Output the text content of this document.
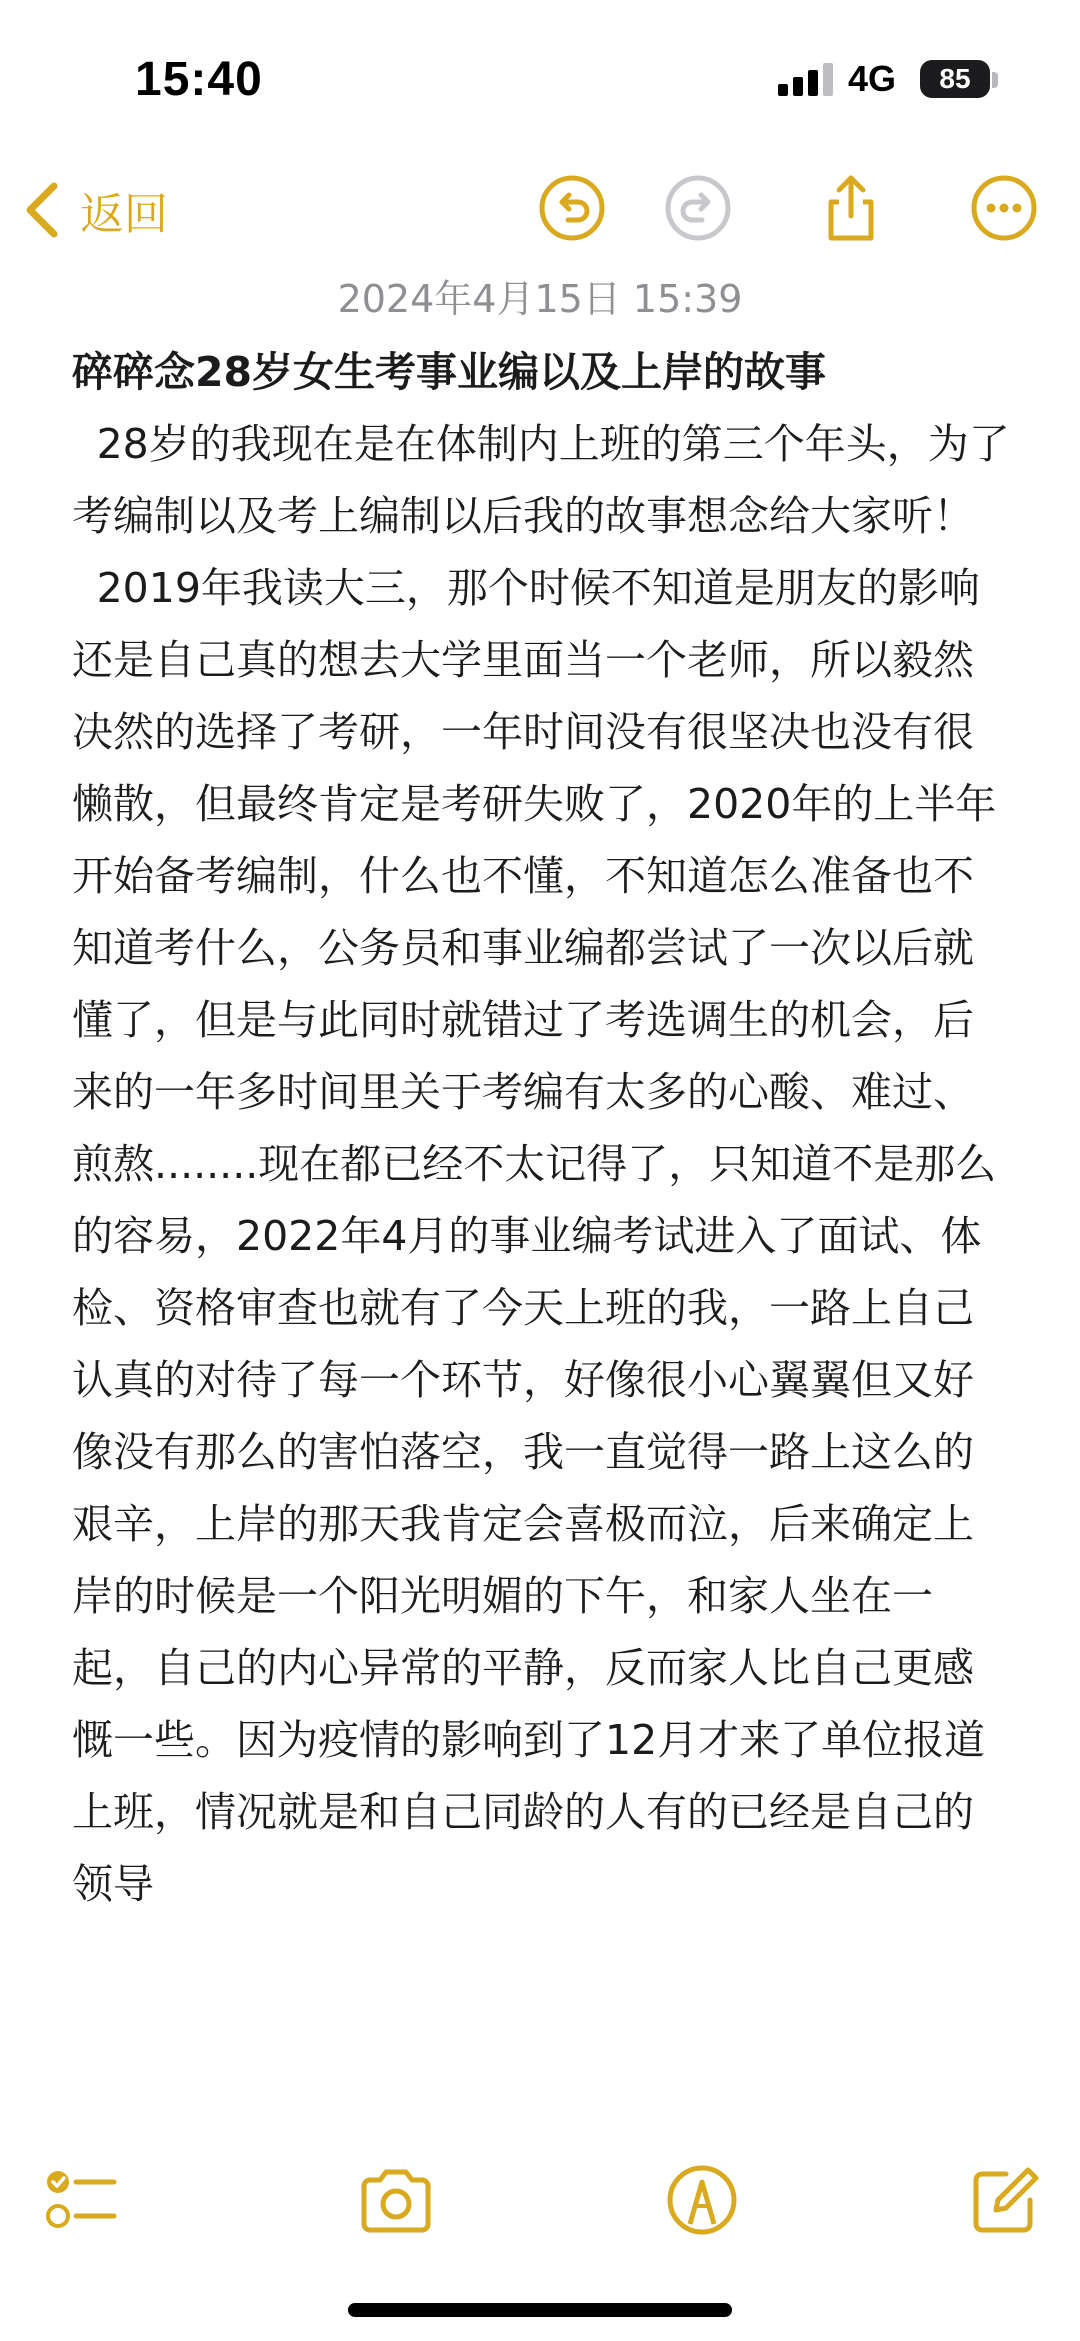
15:40	4G 85
返回
2024年4月15日 15:39

碎碎念28岁女生考事业编以及上岸的故事

28岁的我现在是在体制内上班的第三个年头，为了考编制以及考上编制以后我的故事想念给大家听！

2019年我读大三，那个时候不知道是朋友的影响还是自己真的想去大学里面当一个老师，所以毅然决然的选择了考研，一年时间没有很坚决也没有很懒散，但最终肯定是考研失败了，2020年的上半年开始备考编制，什么也不懂，不知道怎么准备也不知道考什么，公务员和事业编都尝试了一次以后就懂了，但是与此同时就错过了考选调生的机会，后来的一年多时间里关于考编有太多的心酸、难过、煎熬........现在都已经不太记得了，只知道不是那么的容易，2022年4月的事业编考试进入了面试、体检、资格审查也就有了今天上班的我，一路上自己认真的对待了每一个环节，好像很小心翼翼但又好像没有那么的害怕落空，我一直觉得一路上这么的艰辛，上岸的那天我肯定会喜极而泣，后来确定上岸的时候是一个阳光明媚的下午，和家人坐在一起，自己的内心异常的平静，反而家人比自己更感慨一些。因为疫情的影响到了12月才来了单位报道上班，情况就是和自己同龄的人有的已经是自己的领导
